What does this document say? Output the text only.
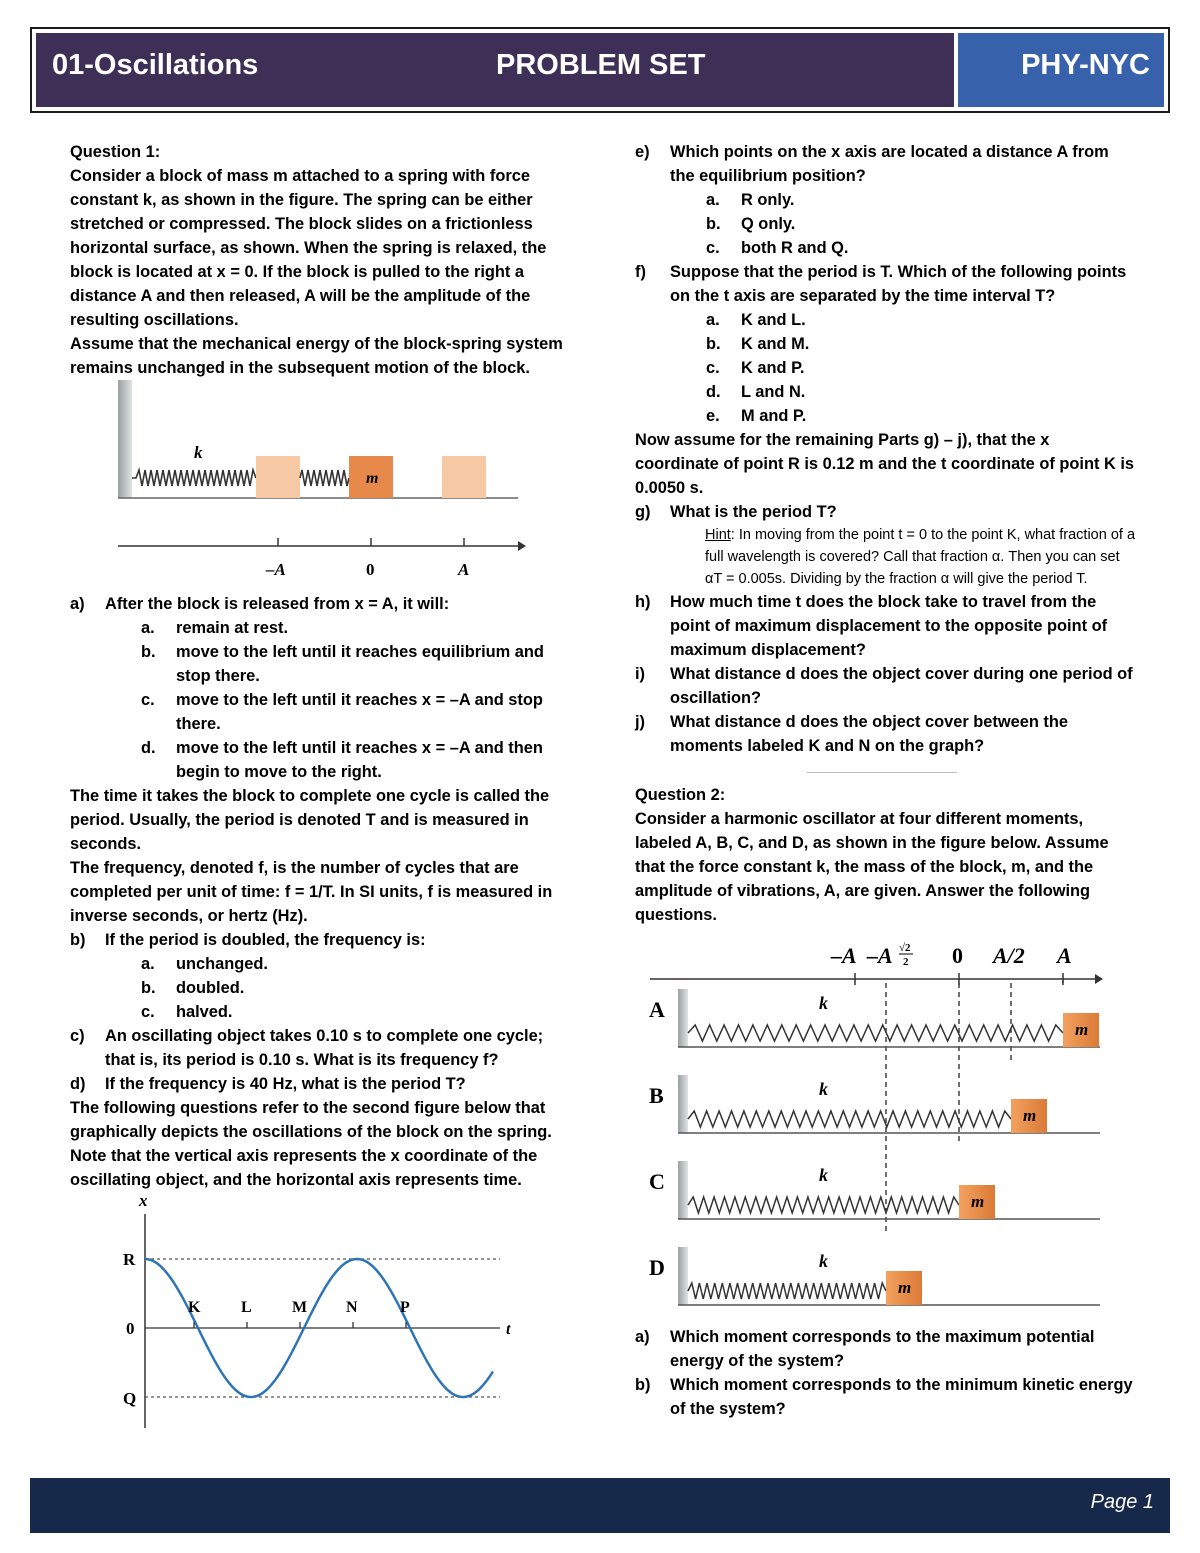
01-Oscillations	PROBLEM SET	PHY-NYC

Question 1:

Consider a block of mass m attached to a spring with force constant k, as shown in the figure. The spring can be either stretched or compressed. The block slides on a frictionless horizontal surface, as shown. When the spring is relaxed, the block is located at x = 0. If the block is pulled to the right a distance A and then released, A will be the amplitude of the resulting oscillations.

Assume that the mechanical energy of the block-spring system remains unchanged in the subsequent motion of the block.

m
k
–A	0	A
a)	After the block is released from x = A, it will:
a.	remain at rest.
b.	move to the left until it reaches equilibrium and stop there.
c.	move to the left until it reaches x = –A and stop there.
d.	move to the left until it reaches x = –A and then begin to move to the right.

The time it takes the block to complete one cycle is called the period. Usually, the period is denoted T and is measured in seconds.

The frequency, denoted f, is the number of cycles that are completed per unit of time: f = 1/T. In SI units, f is measured in inverse seconds, or hertz (Hz).

b)	If the period is doubled, the frequency is:
a.	unchanged.
b.	doubled.
c.	halved.
c)	An oscillating object takes 0.10 s to complete one cycle; that is, its period is 0.10 s. What is its frequency f?
d)	If the frequency is 40 Hz, what is the period T?

The following questions refer to the second figure below that graphically depicts the oscillations of the block on the spring. Note that the vertical axis represents the x coordinate of the oscillating object, and the horizontal axis represents time.

x
t
R
0
Q
K	L	M N	P
e)	Which points on the x axis are located a distance A from the equilibrium position?
a.	R only.
b.	Q only.
c.	both R and Q.
f)	Suppose that the period is T. Which of the following points on the t axis are separated by the time interval T?
a.	K and L.
b.	K and M.
c.	K and P.
d.	L and N.
e.	M and P.

Now assume for the remaining Parts g) – j), that the x coordinate of point R is 0.12 m and the t coordinate of point K is 0.0050 s.

g)	What is the period T?
Hint: In moving from the point t = 0 to the point K, what fraction of a full wavelength is covered? Call that fraction α. Then you can set αT = 0.005s. Dividing by the fraction α will give the period T.
h)	How much time t does the block take to travel from the point of maximum displacement to the opposite point of maximum displacement?
i)	What distance d does the object cover during one period of oscillation?
j)	What distance d does the object cover between the moments labeled K and N on the graph?

Question 2:

Consider a harmonic oscillator at four different moments, labeled A, B, C, and D, as shown in the figure below. Assume that the force constant k, the mass of the block, m, and the amplitude of vibrations, A, are given. Answer the following questions.

–A –A √2
2 0 A/2 A
A
m
k
B
m
k
C
m
k
D
m
k
a)	Which moment corresponds to the maximum potential energy of the system?
b)	Which moment corresponds to the minimum kinetic energy of the system?
Page 1
